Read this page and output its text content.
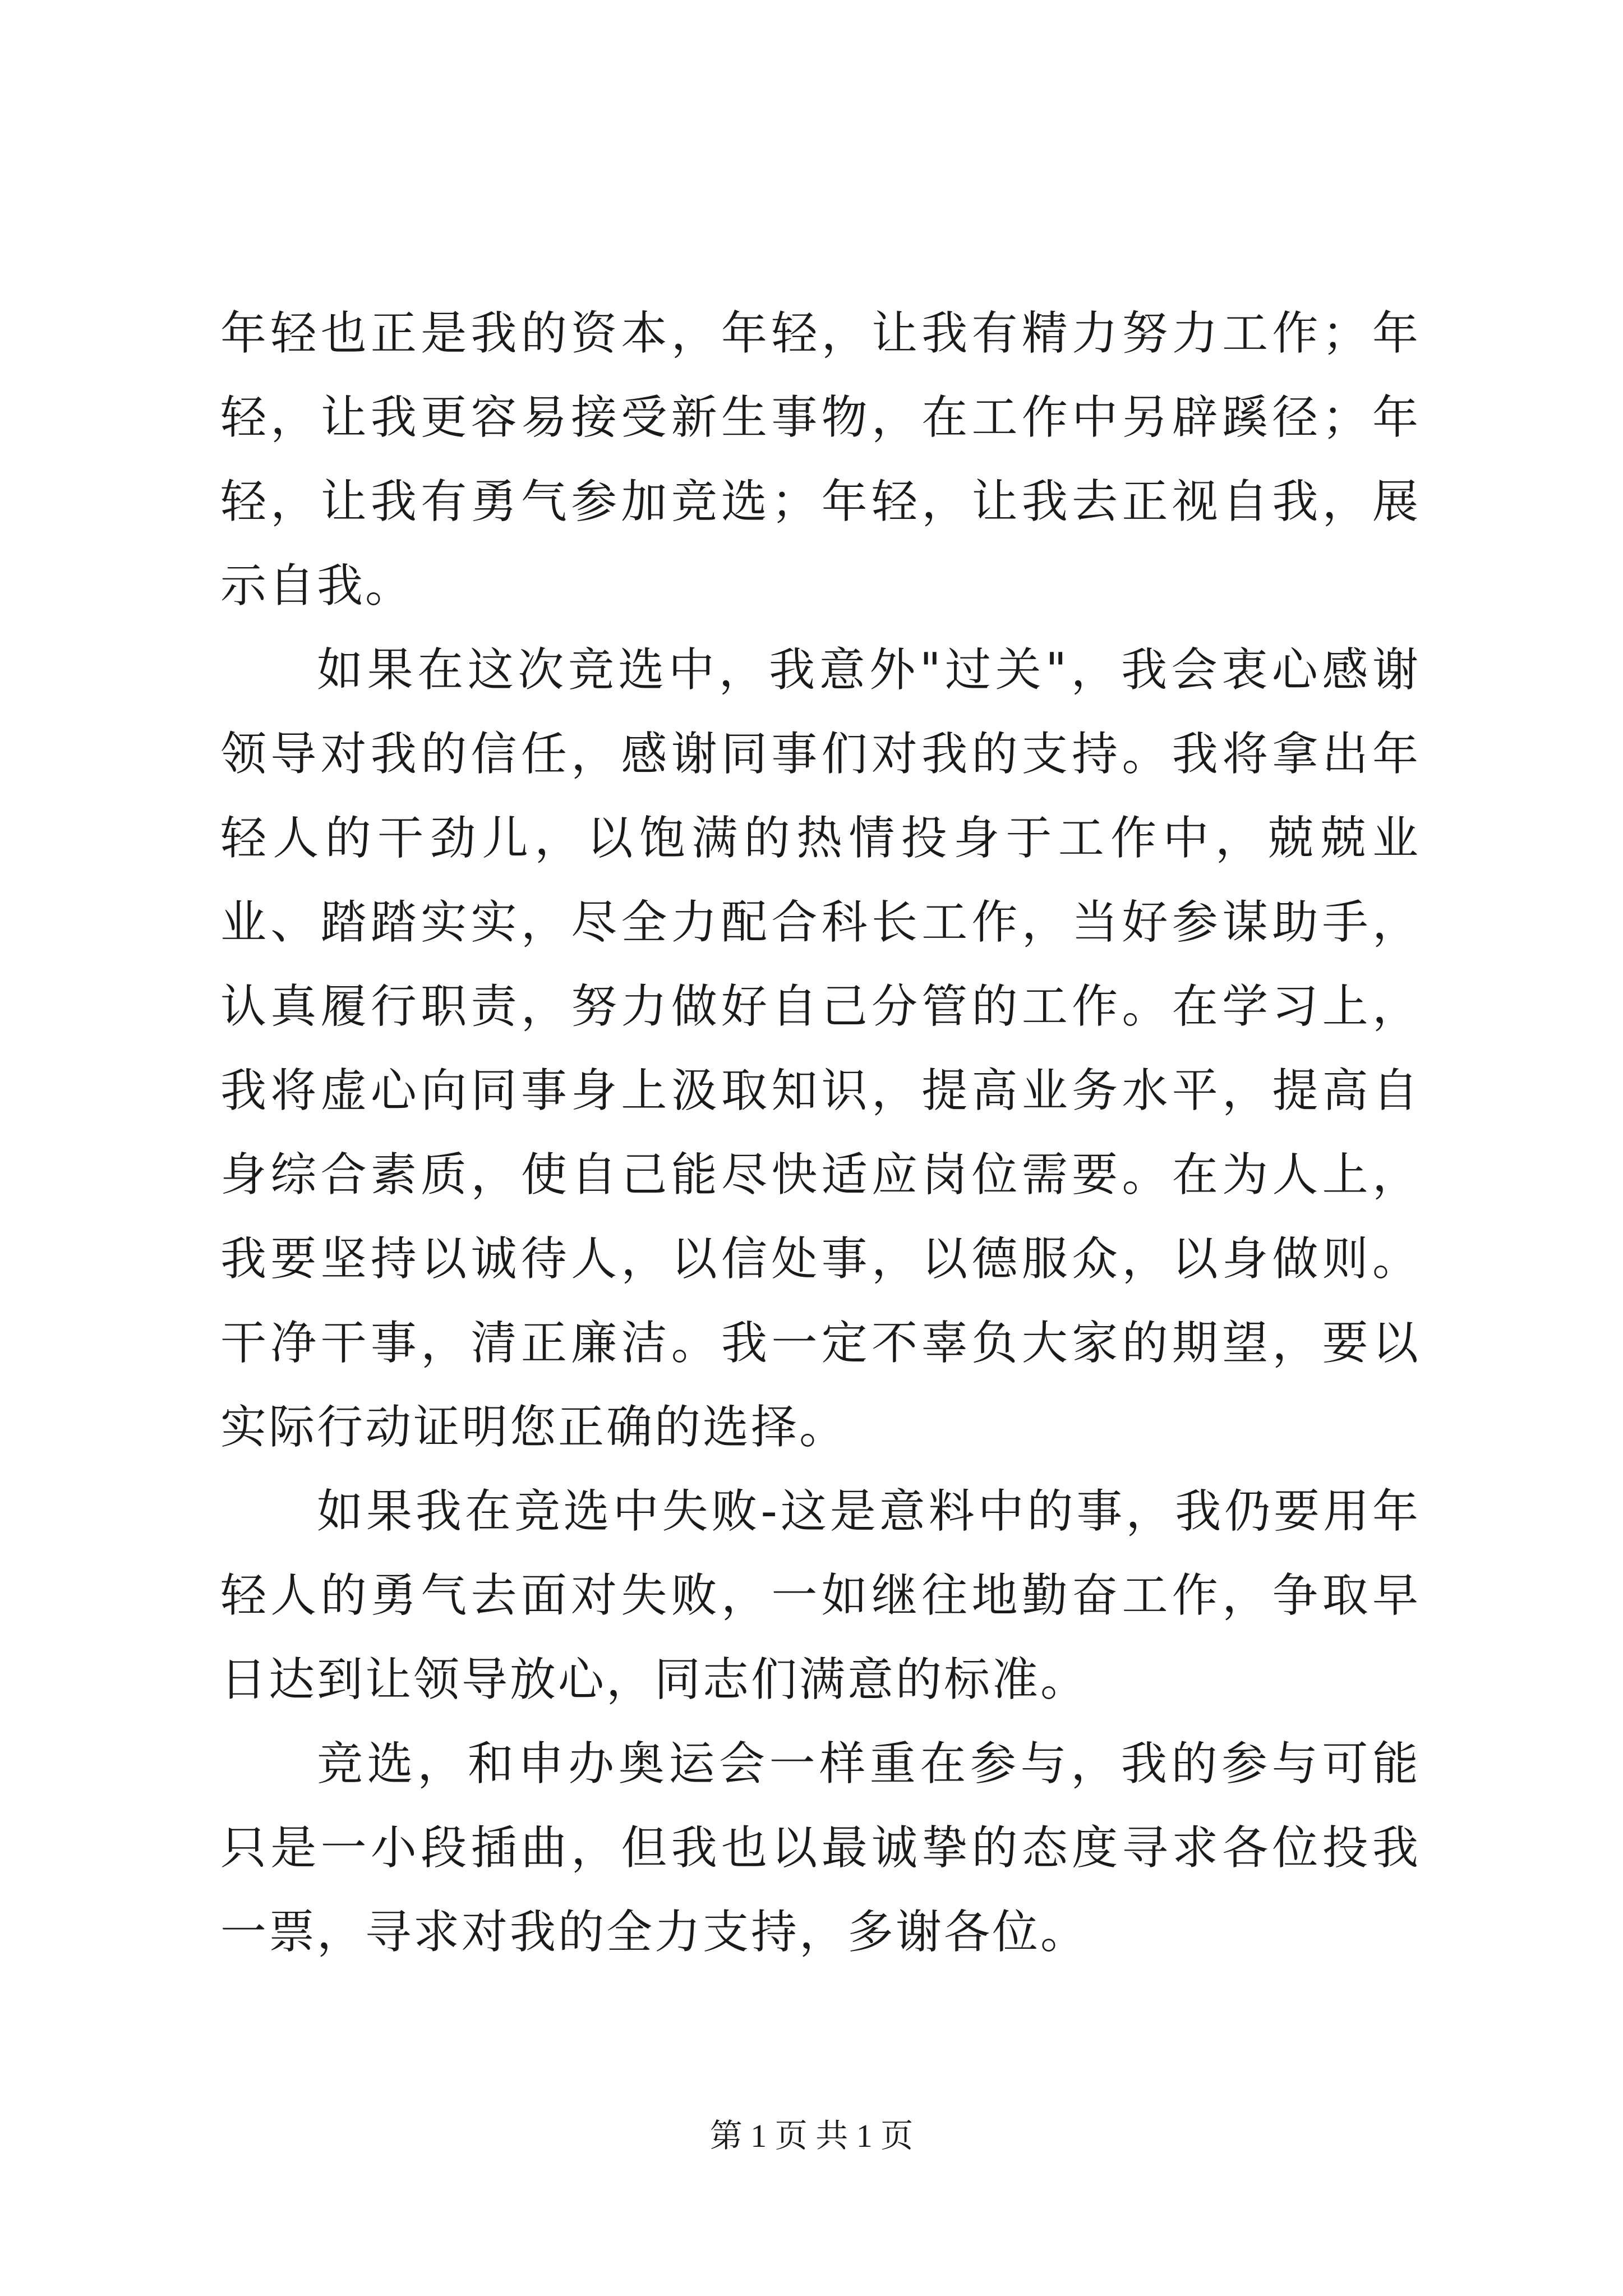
年轻也正是我的资本，年轻，让我有精力努力工作；年轻，让我更容易接受新生事物，在工作中另辟蹊径；年轻，让我有勇气参加竞选；年轻，让我去正视自我，展示自我。

如果在这次竞选中，我意外"过关"，我会衷心感谢领导对我的信任，感谢同事们对我的支持。我将拿出年轻人的干劲儿，以饱满的热情投身于工作中，兢兢业业、踏踏实实，尽全力配合科长工作，当好参谋助手，认真履行职责，努力做好自己分管的工作。在学习上，我将虚心向同事身上汲取知识，提高业务水平，提高自身综合素质，使自己能尽快适应岗位需要。在为人上，我要坚持以诚待人，以信处事，以德服众，以身做则。干净干事，清正廉洁。我一定不辜负大家的期望，要以实际行动证明您正确的选择。

如果我在竞选中失败-这是意料中的事，我仍要用年轻人的勇气去面对失败，一如继往地勤奋工作，争取早日达到让领导放心，同志们满意的标准。

竞选，和申办奥运会一样重在参与，我的参与可能只是一小段插曲，但我也以最诚挚的态度寻求各位投我一票，寻求对我的全力支持，多谢各位。

第 1 页 共 1 页
